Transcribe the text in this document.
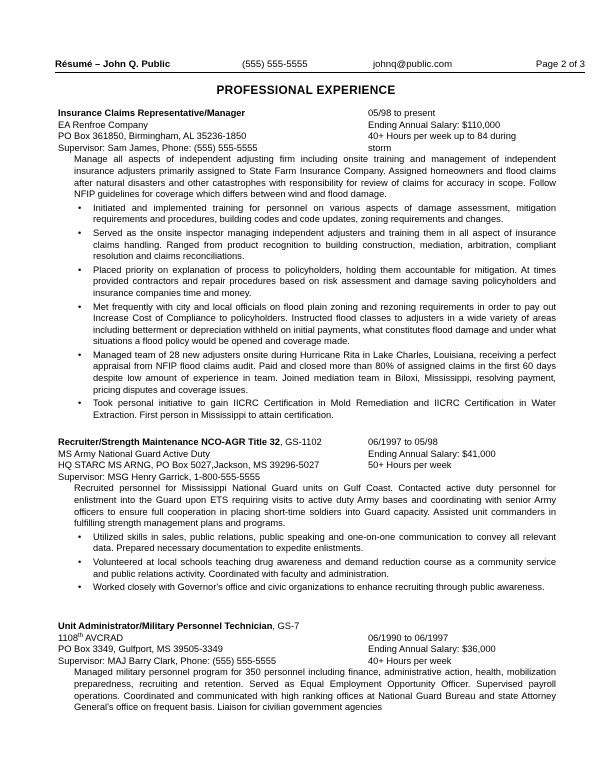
Résumé – John Q. Public	(555) 555-5555	johnq@public.com	Page 2 of 3
PROFESSIONAL EXPERIENCE
Insurance Claims Representative/Manager	05/98 to present
EA Renfroe Company	Ending Annual Salary: $110,000
PO Box 361850, Birmingham, AL 35236-1850	40+ Hours per week up to 84 during
Supervisor: Sam James, Phone: (555) 555-5555	storm
Manage all aspects of independent adjusting firm including onsite training and management of independent insurance adjusters primarily assigned to State Farm Insurance Company. Assigned homeowners and flood claims after natural disasters and other catastrophes with responsibility for review of claims for accuracy in scope. Follow NFIP guidelines for coverage which differs between wind and flood damage.
• Initiated and implemented training for personnel on various aspects of damage assessment, mitigation requirements and procedures, building codes and code updates, zoning requirements and changes.
• Served as the onsite inspector managing independent adjusters and training them in all aspect of insurance claims handling. Ranged from product recognition to building construction, mediation, arbitration, compliant resolution and claims reconciliations.
• Placed priority on explanation of process to policyholders, holding them accountable for mitigation. At times provided contractors and repair procedures based on risk assessment and damage saving policyholders and insurance companies time and money.
• Met frequently with city and local officials on flood plain zoning and rezoning requirements in order to pay out Increase Cost of Compliance to policyholders. Instructed flood classes to adjusters in a wide variety of areas including betterment or depreciation withheld on initial payments, what constitutes flood damage and under what situations a flood policy would be opened and coverage made.
• Managed team of 28 new adjusters onsite during Hurricane Rita in Lake Charles, Louisiana, receiving a perfect appraisal from NFIP flood claims audit. Paid and closed more than 80% of assigned claims in the first 60 days despite low amount of experience in team. Joined mediation team in Biloxi, Mississippi, resolving payment, pricing disputes and coverage issues.
• Took personal initiative to gain IICRC Certification in Mold Remediation and IICRC Certification in Water Extraction. First person in Mississippi to attain certification.
Recruiter/Strength Maintenance NCO-AGR Title 32, GS-1102	06/1997 to 05/98
MS Army National Guard Active Duty	Ending Annual Salary: $41,000
HQ STARC MS ARNG, PO Box 5027,Jackson, MS 39296-5027	50+ Hours per week
Supervisor: MSG Henry Garrick, 1-800-555-5555
Recruited personnel for Mississippi National Guard units on Gulf Coast. Contacted active duty personnel for enlistment into the Guard upon ETS requiring visits to active duty Army bases and coordinating with senior Army officers to ensure full cooperation in placing short-time soldiers into Guard capacity. Assisted unit commanders in fulfilling strength management plans and programs.
• Utilized skills in sales, public relations, public speaking and one-on-one communication to convey all relevant data. Prepared necessary documentation to expedite enlistments.
• Volunteered at local schools teaching drug awareness and demand reduction course as a community service and public relations activity. Coordinated with faculty and administration.
• Worked closely with Governor's office and civic organizations to enhance recruiting through public awareness.
Unit Administrator/Military Personnel Technician, GS-7
1108th AVCRAD	06/1990 to 06/1997
PO Box 3349, Gulfport, MS 39505-3349	Ending Annual Salary: $36,000
Supervisor: MAJ Barry Clark, Phone: (555) 555-5555	40+ Hours per week
Managed military personnel program for 350 personnel including finance, administrative action, health, mobilization preparedness, recruiting and retention. Served as Equal Employment Opportunity Officer. Supervised payroll operations. Coordinated and communicated with high ranking offices at National Guard Bureau and state Attorney General's office on frequent basis. Liaison for civilian government agencies
